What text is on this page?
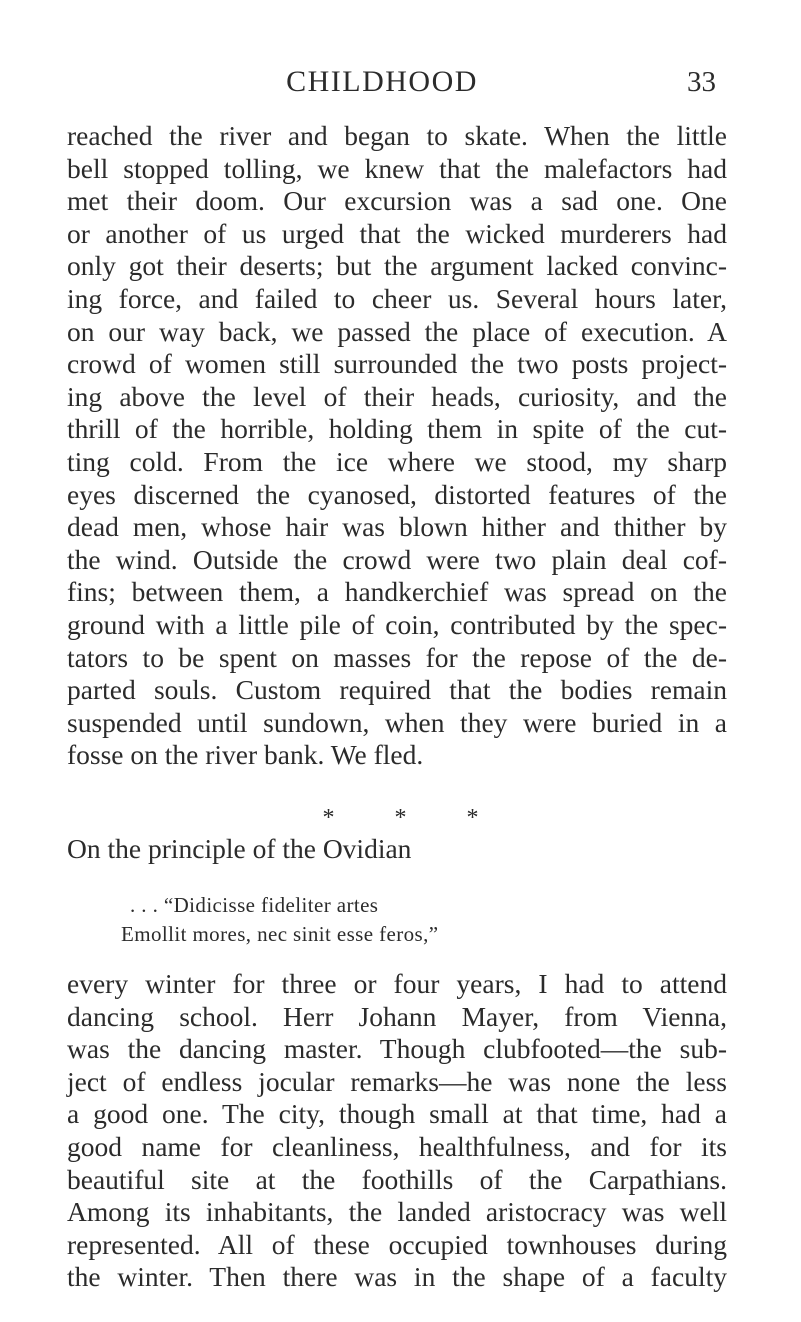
CHILDHOOD	33
reached the river and began to skate. When the little
bell stopped tolling, we knew that the malefactors had
met their doom. Our excursion was a sad one. One
or another of us urged that the wicked murderers had
only got their deserts; but the argument lacked convinc-
ing force, and failed to cheer us. Several hours later,
on our way back, we passed the place of execution. A
crowd of women still surrounded the two posts project-
ing above the level of their heads, curiosity, and the
thrill of the horrible, holding them in spite of the cut-
ting cold. From the ice where we stood, my sharp
eyes discerned the cyanosed, distorted features of the
dead men, whose hair was blown hither and thither by
the wind. Outside the crowd were two plain deal cof-
fins; between them, a handkerchief was spread on the
ground with a little pile of coin, contributed by the spec-
tators to be spent on masses for the repose of the de-
parted souls. Custom required that the bodies remain
suspended until sundown, when they were buried in a
fosse on the river bank. We fled.
*	*	*
On the principle of the Ovidian
. . . “Didicisse fideliter artes
Emollit mores, nec sinit esse feros,”
every winter for three or four years, I had to attend
dancing school. Herr Johann Mayer, from Vienna,
was the dancing master. Though clubfooted—the sub-
ject of endless jocular remarks—he was none the less
a good one. The city, though small at that time, had a
good name for cleanliness, healthfulness, and for its
beautiful site at the foothills of the Carpathians.
Among its inhabitants, the landed aristocracy was well
represented. All of these occupied townhouses during
the winter. Then there was in the shape of a faculty
